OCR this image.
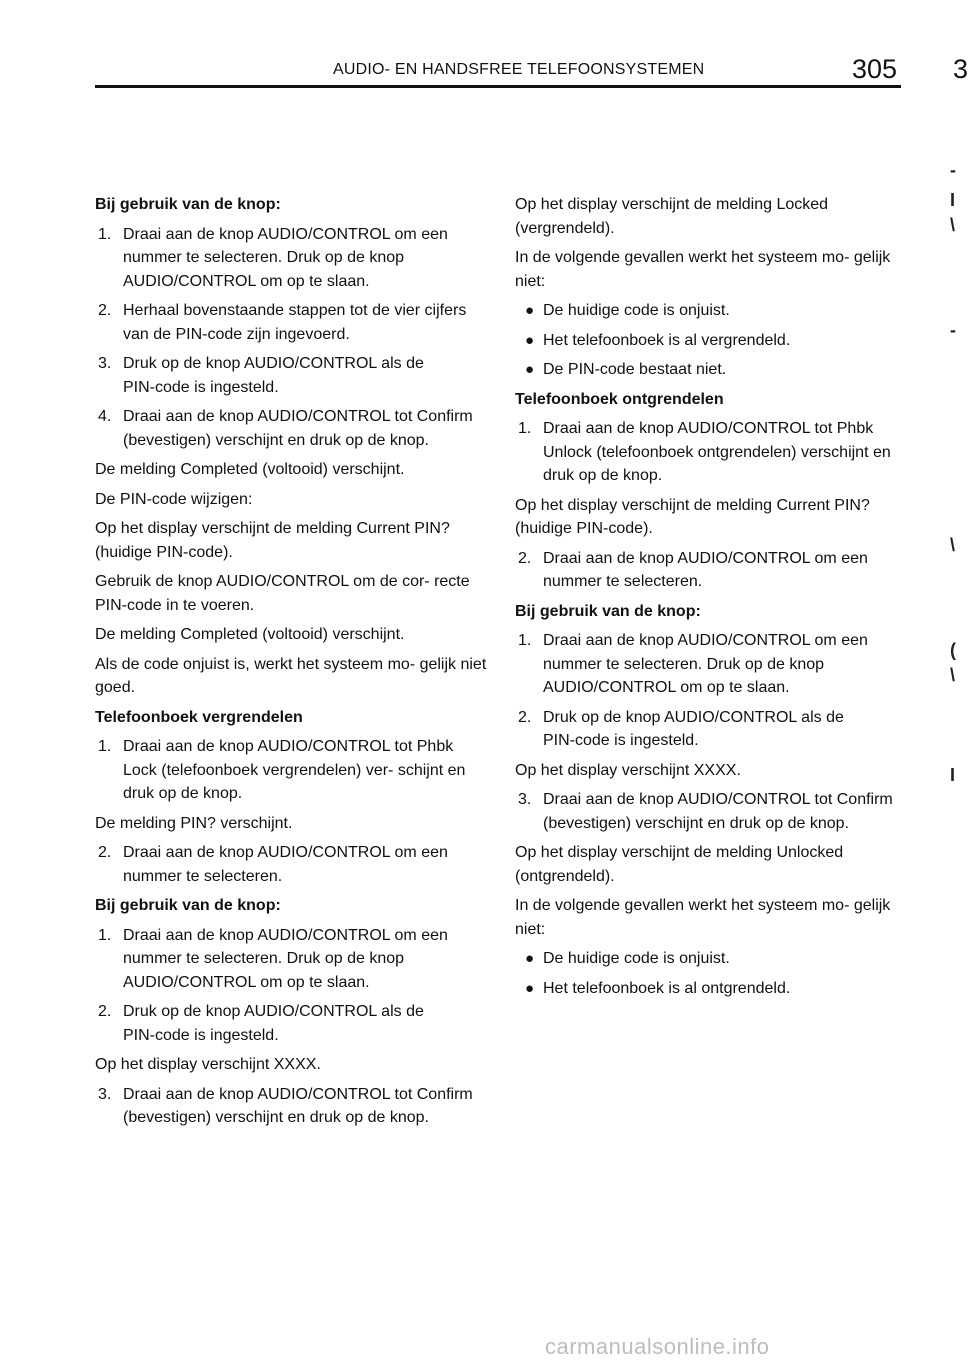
AUDIO‑ EN HANDSFREE TELEFOONSYSTEMEN	305 3
Bij gebruik van de knop:
1. Draai aan de knop AUDIO/CONTROL om een nummer te selecteren. Druk op de knop AUDIO/CONTROL om op te slaan.
2. Herhaal bovenstaande stappen tot de vier cijfers van de PIN‑code zijn ingevoerd.
3. Druk op de knop AUDIO/CONTROL als de PIN‑code is ingesteld.
4. Draai aan de knop AUDIO/CONTROL tot Confirm (bevestigen) verschijnt en druk op de knop.
De melding Completed (voltooid) verschijnt.
De PIN‑code wijzigen:
Op het display verschijnt de melding Current PIN? (huidige PIN‑code).
Gebruik de knop AUDIO/CONTROL om de cor- recte PIN‑code in te voeren.
De melding Completed (voltooid) verschijnt.
Als de code onjuist is, werkt het systeem mo- gelijk niet goed.
Telefoonboek vergrendelen
1. Draai aan de knop AUDIO/CONTROL tot Phbk Lock (telefoonboek vergrendelen) ver- schijnt en druk op de knop.
De melding PIN? verschijnt.
2. Draai aan de knop AUDIO/CONTROL om een nummer te selecteren.
Bij gebruik van de knop:
1. Draai aan de knop AUDIO/CONTROL om een nummer te selecteren. Druk op de knop AUDIO/CONTROL om op te slaan.
2. Druk op de knop AUDIO/CONTROL als de PIN‑code is ingesteld.
Op het display verschijnt XXXX.
3. Draai aan de knop AUDIO/CONTROL tot Confirm (bevestigen) verschijnt en druk op de knop.
Op het display verschijnt de melding Locked (vergrendeld).
In de volgende gevallen werkt het systeem mo- gelijk niet:
● De huidige code is onjuist.
● Het telefoonboek is al vergrendeld.
● De PIN‑code bestaat niet.
Telefoonboek ontgrendelen
1. Draai aan de knop AUDIO/CONTROL tot Phbk Unlock (telefoonboek ontgrendelen) verschijnt en druk op de knop.
Op het display verschijnt de melding Current PIN? (huidige PIN‑code).
2. Draai aan de knop AUDIO/CONTROL om een nummer te selecteren.
Bij gebruik van de knop:
1. Draai aan de knop AUDIO/CONTROL om een nummer te selecteren. Druk op de knop AUDIO/CONTROL om op te slaan.
2. Druk op de knop AUDIO/CONTROL als de PIN‑code is ingesteld.
Op het display verschijnt XXXX.
3. Draai aan de knop AUDIO/CONTROL tot Confirm (bevestigen) verschijnt en druk op de knop.
Op het display verschijnt de melding Unlocked (ontgrendeld).
In de volgende gevallen werkt het systeem mo- gelijk niet:
● De huidige code is onjuist.
● Het telefoonboek is al ontgrendeld.
‑
I
\
‑
\
(
\
I
carmanualsonline.info
